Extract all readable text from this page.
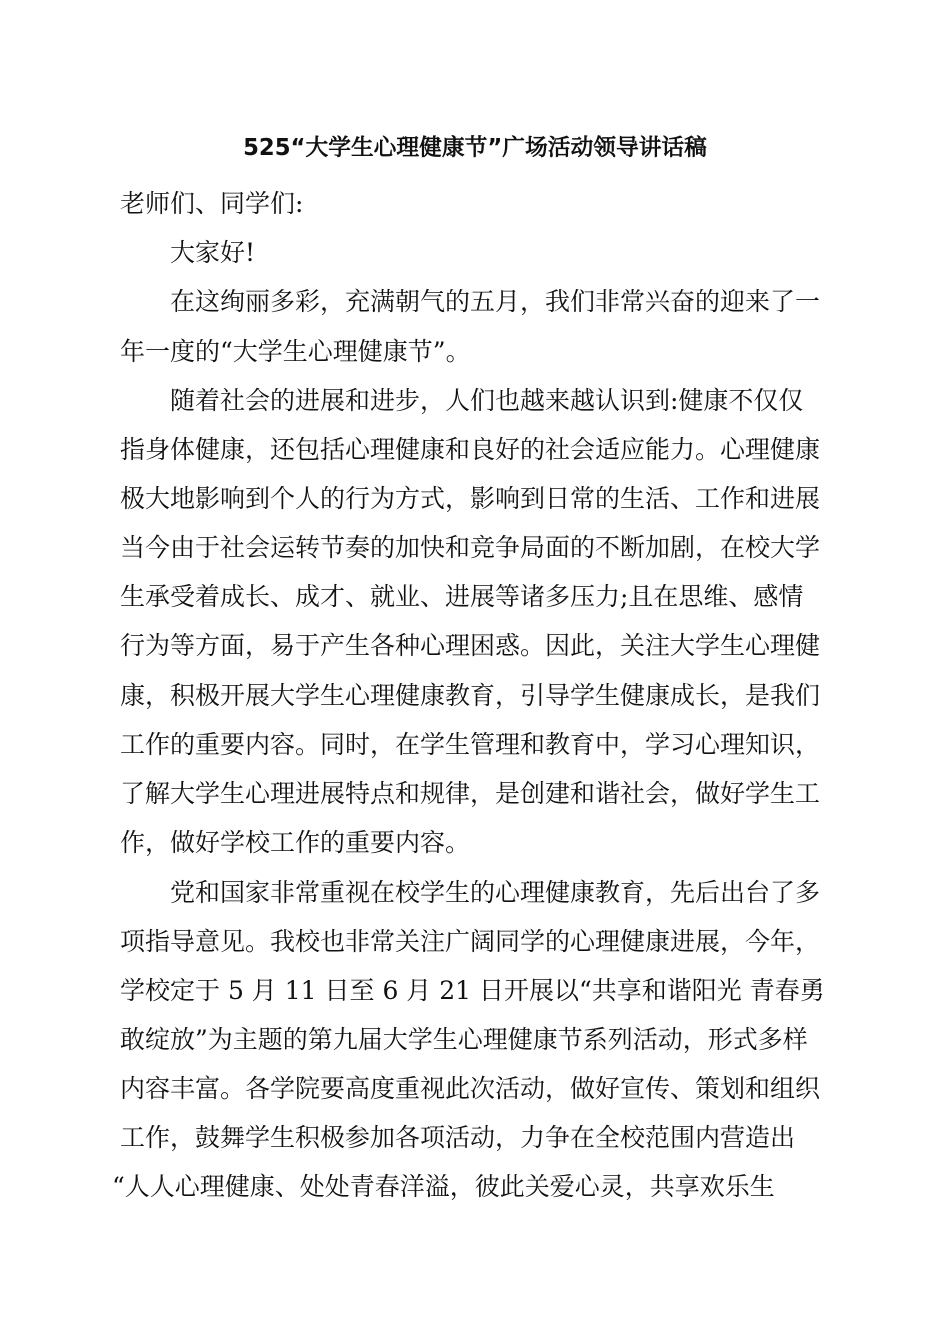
525“大学生心理健康节”广场活动领导讲话稿
老师们、同学们:
大家好!
在这绚丽多彩，充满朝气的五月，我们非常兴奋的迎来了一
年一度的“大学生心理健康节”。
随着社会的进展和进步，人们也越来越认识到:健康不仅仅
指身体健康，还包括心理健康和良好的社会适应能力。心理健康
极大地影响到个人的行为方式，影响到日常的生活、工作和进展
当今由于社会运转节奏的加快和竞争局面的不断加剧，在校大学
生承受着成长、成才、就业、进展等诸多压力;且在思维、感情
行为等方面，易于产生各种心理困惑。因此，关注大学生心理健
康，积极开展大学生心理健康教育，引导学生健康成长，是我们
工作的重要内容。同时，在学生管理和教育中，学习心理知识，
了解大学生心理进展特点和规律，是创建和谐社会，做好学生工
作，做好学校工作的重要内容。
党和国家非常重视在校学生的心理健康教育，先后出台了多
项指导意见。我校也非常关注广阔同学的心理健康进展，今年，
学校定于 5 月 11 日至 6 月 21 日开展以“共享和谐阳光 青春勇
敢绽放”为主题的第九届大学生心理健康节系列活动，形式多样
内容丰富。各学院要高度重视此次活动，做好宣传、策划和组织
工作，鼓舞学生积极参加各项活动，力争在全校范围内营造出
“人人心理健康、处处青春洋溢，彼此关爱心灵，共享欢乐生
